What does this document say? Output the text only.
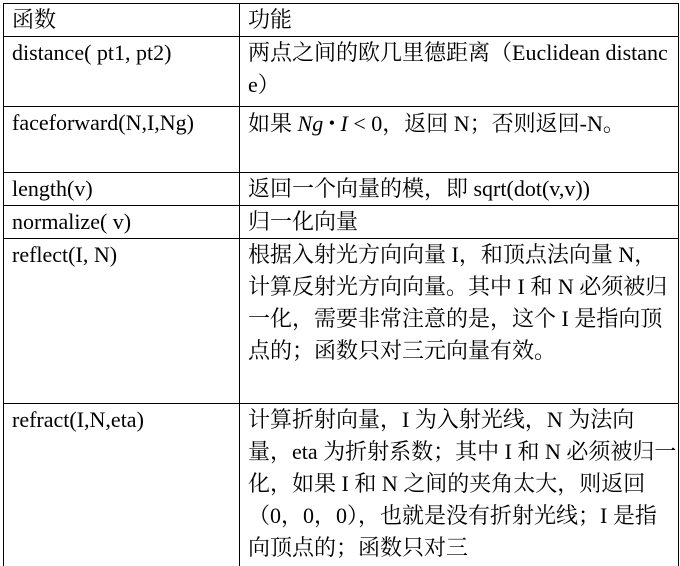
函数	功能
distance( pt1, pt2)	两点之间的欧几里德距离（Euclidean distance）
faceforward(N,I,Ng)	如果 Ng • I < 0，返回 N；否则返回-N。
length(v)	返回一个向量的模，即 sqrt(dot(v,v))
normalize( v)	归一化向量
reflect(I, N)	根据入射光方向向量 I，和顶点法向量 N，计算反射光方向向量。其中 I 和 N 必须被归一化，需要非常注意的是，这个 I 是指向顶点的；函数只对三元向量有效。
refract(I,N,eta)	计算折射向量，I 为入射光线，N 为法向量，eta 为折射系数；其中 I 和 N 必须被归一化，如果 I 和 N 之间的夹角太大，则返回（0，0，0），也就是没有折射光线；I 是指向顶点的；函数只对三
